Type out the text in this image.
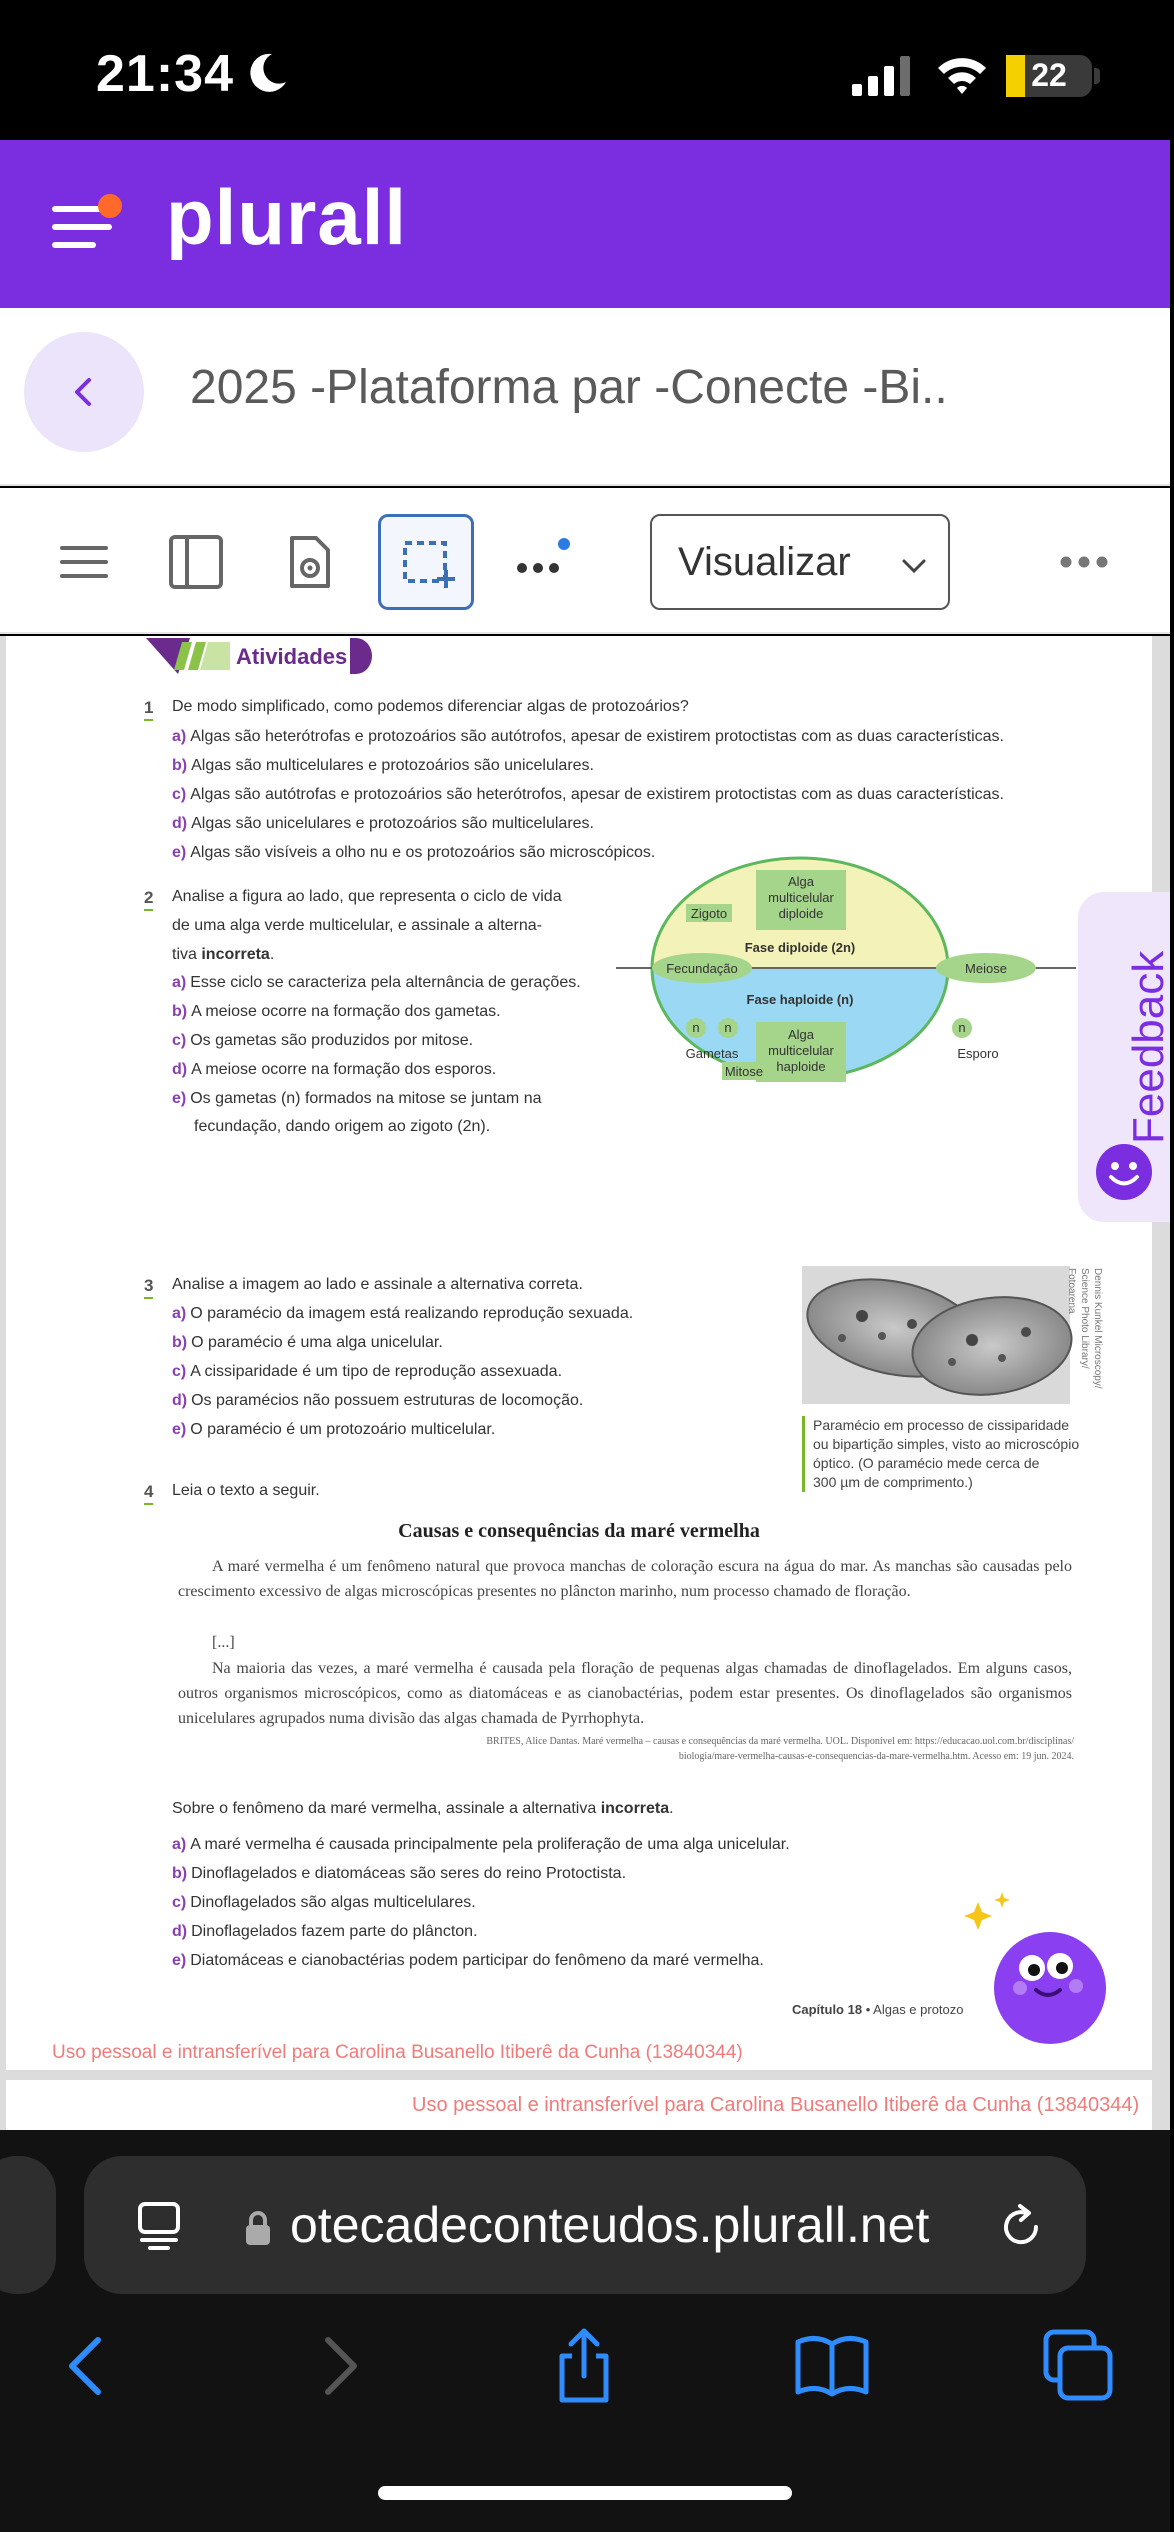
21:34	22
plurall
2025 -Plataforma par -Conecte -Bi..
Visualizar
Atividades
1 De modo simplificado, como podemos diferenciar algas de protozoários?
a) Algas são heterótrofas e protozoários são autótrofos, apesar de existirem protoctistas com as duas características.
b) Algas são multicelulares e protozoários são unicelulares.
c) Algas são autótrofas e protozoários são heterótrofos, apesar de existirem protoctistas com as duas características.
d) Algas são unicelulares e protozoários são multicelulares.
e) Algas são visíveis a olho nu e os protozoários são microscópicos.
2 Analise a figura ao lado, que representa o ciclo de vida
de uma alga verde multicelular, e assinale a alterna-
tiva incorreta.
a) Esse ciclo se caracteriza pela alternância de gerações.
b) A meiose ocorre na formação dos gametas.
c) Os gametas são produzidos por mitose.
d) A meiose ocorre na formação dos esporos.
e) Os gametas (n) formados na mitose se juntam na
fecundação, dando origem ao zigoto (2n).
Alga
multicelular
diploide
Alga
multicelular
haploide
Zigoto
Fase diploide (2n)
Fase haploide (n)
Fecundação	Meiose
n n
Gametas
Mitose
n
Esporo
3 Analise a imagem ao lado e assinale a alternativa correta.
a) O paramécio da imagem está realizando reprodução sexuada.
b) O paramécio é uma alga unicelular.
c) A cissiparidade é um tipo de reprodução assexuada.
d) Os paramécios não possuem estruturas de locomoção.
e) O paramécio é um protozoário multicelular.
Dennis Kunkel Microscopy/
Science Photo Library/
Fotoarena
Paramécio em processo de cissiparidade
ou bipartição simples, visto ao microscópio
óptico. (O paramécio mede cerca de
300 µm de comprimento.)
4 Leia o texto a seguir.
Causas e consequências da maré vermelha
A maré vermelha é um fenômeno natural que provoca manchas de coloração escura na água do mar. As manchas são causadas pelo crescimento excessivo de algas microscópicas presentes no plâncton marinho, num processo chamado de floração.
[...]
Na maioria das vezes, a maré vermelha é causada pela floração de pequenas algas chamadas de dinoflagelados. Em alguns casos, outros organismos microscópicos, como as diatomáceas e as cianobactérias, podem estar presentes. Os dinoflagelados são organismos unicelulares agrupados numa divisão das algas chamada de Pyrrhophyta.
BRITES, Alice Dantas. Maré vermelha – causas e consequências da maré vermelha. UOL. Disponível em: https://educacao.uol.com.br/disciplinas/
biologia/mare-vermelha-causas-e-consequencias-da-mare-vermelha.htm. Acesso em: 19 jun. 2024.
Sobre o fenômeno da maré vermelha, assinale a alternativa incorreta.
a) A maré vermelha é causada principalmente pela proliferação de uma alga unicelular.
b) Dinoflagelados e diatomáceas são seres do reino Protoctista.
c) Dinoflagelados são algas multicelulares.
d) Dinoflagelados fazem parte do plâncton.
e) Diatomáceas e cianobactérias podem participar do fenômeno da maré vermelha.
Capítulo 18 • Algas e protozo
Uso pessoal e intransferível para Carolina Busanello Itiberê da Cunha (13840344)
Uso pessoal e intransferível para Carolina Busanello Itiberê da Cunha (13840344)
Feedback
otecadeconteudos.plurall.net
